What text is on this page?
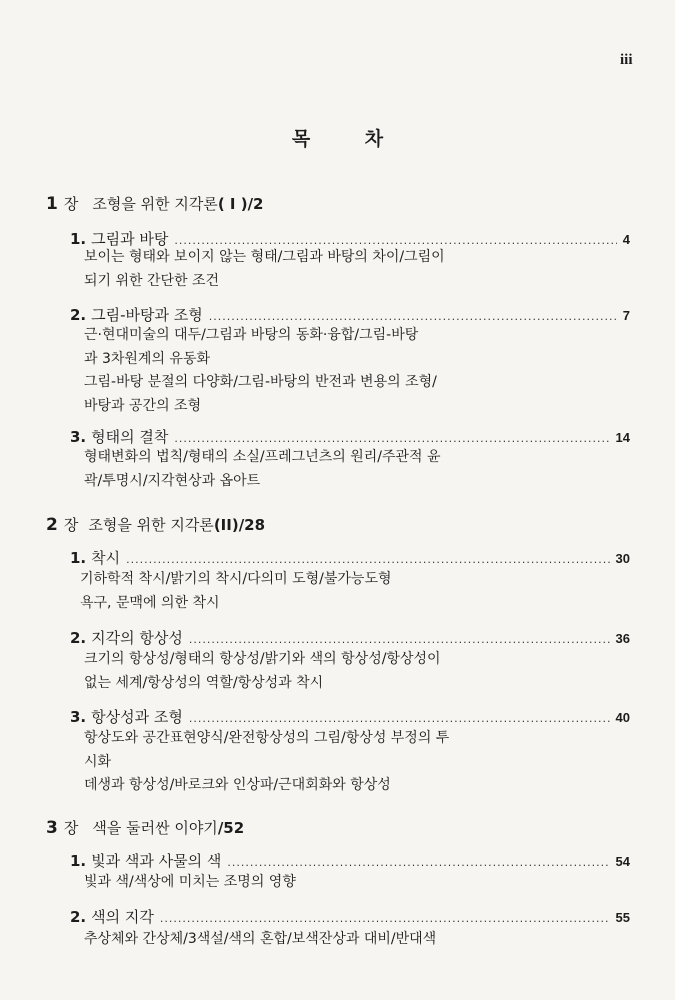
iii
목 차
1 장 조형을 위한 지각론( I )/2
1. 그림과 바탕 .....	4
보이는 형태와 보이지 않는 형태/그림과 바탕의 차이/그림이
되기 위한 간단한 조건
2. 그림-바탕과 조형 .....	7
근·현대미술의 대두/그림과 바탕의 동화·융합/그림-바탕
과 3차원계의 유동화
그림-바탕 분절의 다양화/그림-바탕의 반전과 변용의 조형/
바탕과 공간의 조형
3. 형태의 결착 .....	14
형태변화의 법칙/형태의 소실/프레그넌츠의 원리/주관적 윤
곽/투명시/지각현상과 옵아트
2 장 조형을 위한 지각론(II)/28
1. 착시 .....	30
기하학적 착시/밝기의 착시/다의미 도형/불가능도형
욕구, 문맥에 의한 착시
2. 지각의 항상성 .....	36
크기의 항상성/형태의 항상성/밝기와 색의 항상성/항상성이
없는 세계/항상성의 역할/항상성과 착시
3. 항상성과 조형 .....	40
항상도와 공간표현양식/완전항상성의 그림/항상성 부정의 투
시화
데생과 항상성/바로크와 인상파/근대회화와 항상성
3 장 색을 둘러싼 이야기/52
1. 빛과 색과 사물의 색 .....	54
빛과 색/색상에 미치는 조명의 영향
2. 색의 지각 .....	55
추상체와 간상체/3색설/색의 혼합/보색잔상과 대비/반대색
